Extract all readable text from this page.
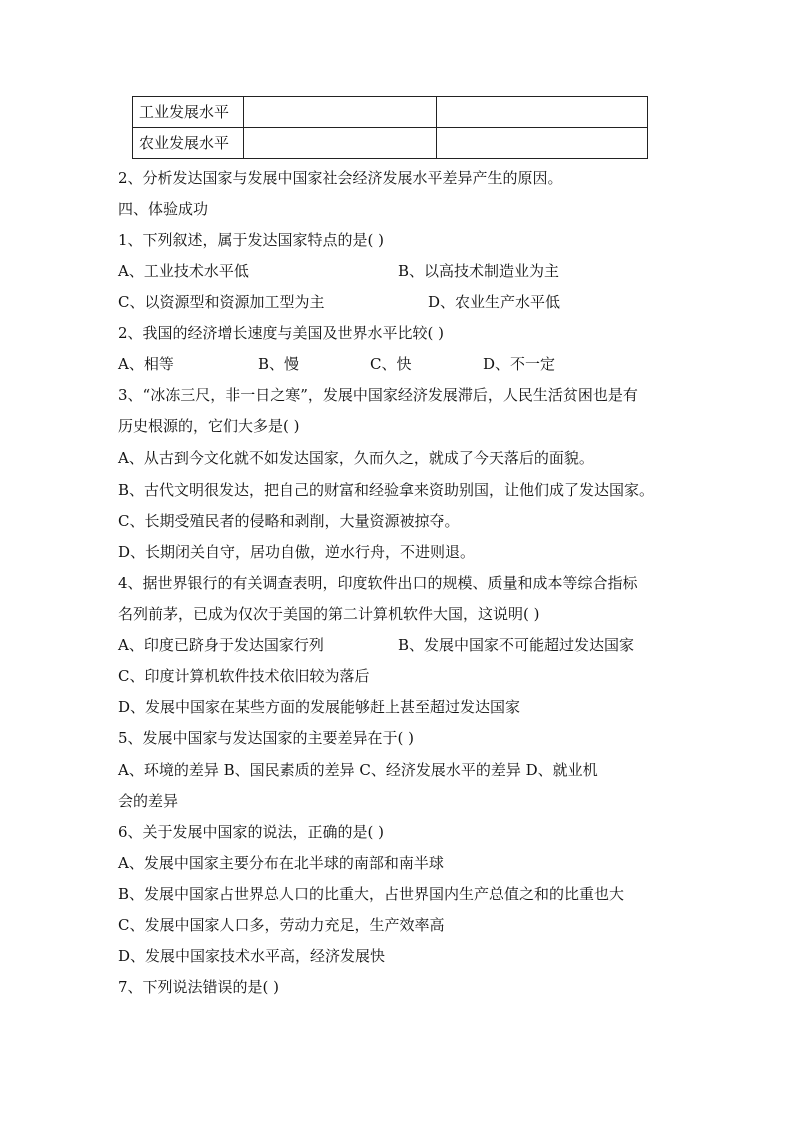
工业发展水平		
农业发展水平		
2、分析发达国家与发展中国家社会经济发展水平差异产生的原因。
四、体验成功
1、下列叙述，属于发达国家特点的是( )
A、工业技术水平低	B、以高技术制造业为主
C、以资源型和资源加工型为主	D、农业生产水平低
2、我国的经济增长速度与美国及世界水平比较( )
A、相等	B、慢	C、快	D、不一定
3、“冰冻三尺，非一日之寒”，发展中国家经济发展滞后，人民生活贫困也是有
历史根源的，它们大多是( )
A、从古到今文化就不如发达国家，久而久之，就成了今天落后的面貌。
B、古代文明很发达，把自己的财富和经验拿来资助别国，让他们成了发达国家。
C、长期受殖民者的侵略和剥削，大量资源被掠夺。
D、长期闭关自守，居功自傲，逆水行舟，不进则退。
4、据世界银行的有关调查表明，印度软件出口的规模、质量和成本等综合指标
名列前茅，已成为仅次于美国的第二计算机软件大国，这说明( )
A、印度已跻身于发达国家行列	B、发展中国家不可能超过发达国家
C、印度计算机软件技术依旧较为落后
D、发展中国家在某些方面的发展能够赶上甚至超过发达国家
5、发展中国家与发达国家的主要差异在于( )
A、环境的差异 B、国民素质的差异 C、经济发展水平的差异 D、就业机
会的差异
6、关于发展中国家的说法，正确的是( )
A、发展中国家主要分布在北半球的南部和南半球
B、发展中国家占世界总人口的比重大，占世界国内生产总值之和的比重也大
C、发展中国家人口多，劳动力充足，生产效率高
D、发展中国家技术水平高，经济发展快
7、下列说法错误的是( )
